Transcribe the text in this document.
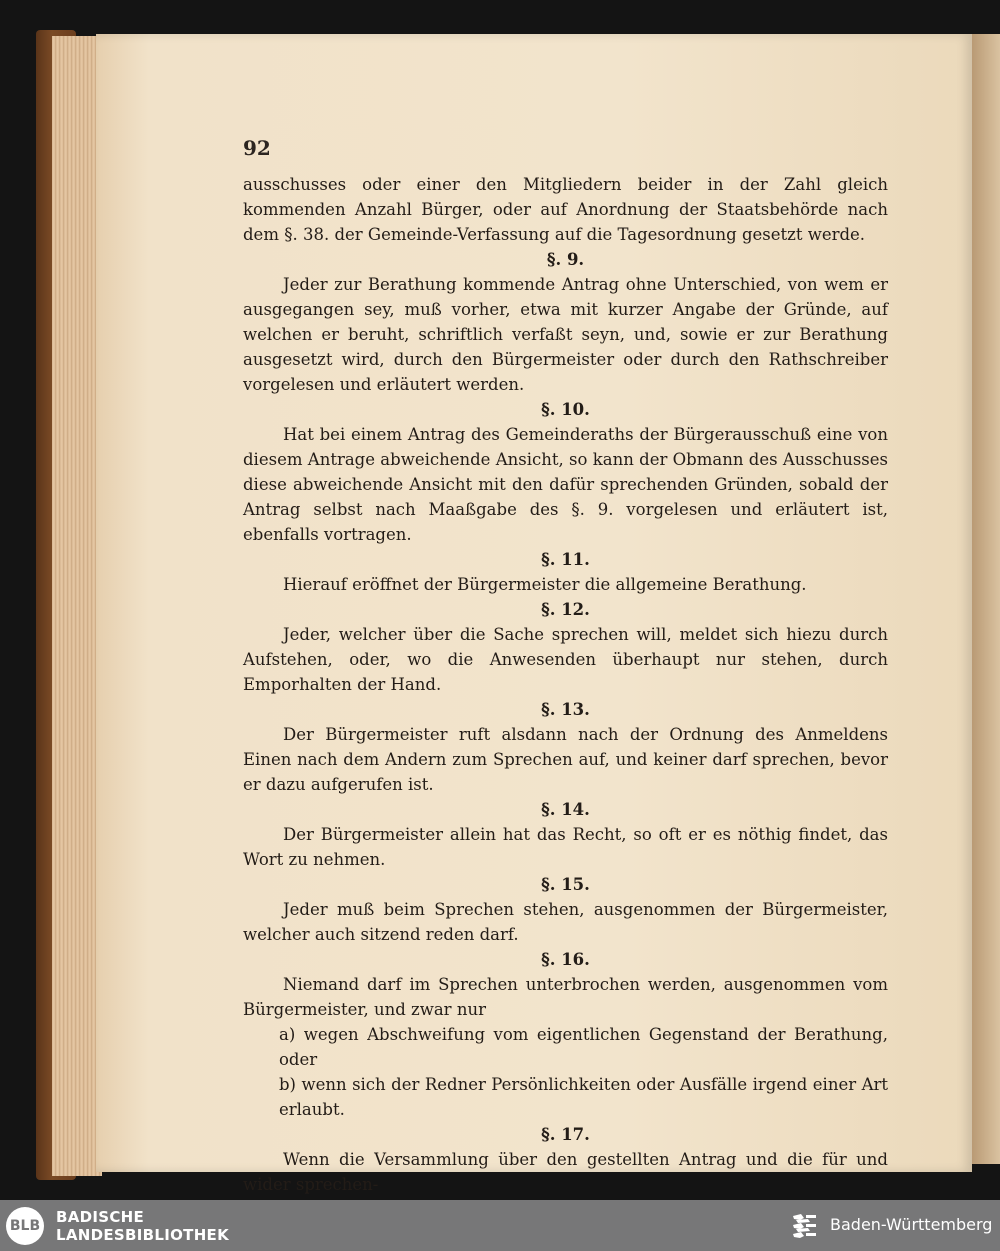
92

ausschusses oder einer den Mitgliedern beider in der Zahl gleich kommenden Anzahl Bürger, oder auf Anordnung der Staatsbehörde nach dem §. 38. der Gemeinde-Verfassung auf die Tagesordnung gesetzt werde.

§. 9.

Jeder zur Berathung kommende Antrag ohne Unterschied, von wem er ausgegangen sey, muß vorher, etwa mit kurzer Angabe der Gründe, auf welchen er beruht, schriftlich verfaßt seyn, und, sowie er zur Berathung ausgesetzt wird, durch den Bürgermeister oder durch den Rathschreiber vorgelesen und erläutert werden.

§. 10.

Hat bei einem Antrag des Gemeinderaths der Bürgerausschuß eine von diesem Antrage abweichende Ansicht, so kann der Obmann des Ausschusses diese abweichende Ansicht mit den dafür sprechenden Gründen, sobald der Antrag selbst nach Maaßgabe des §. 9. vorgelesen und erläutert ist, ebenfalls vortragen.

§. 11.

Hierauf eröffnet der Bürgermeister die allgemeine Berathung.

§. 12.

Jeder, welcher über die Sache sprechen will, meldet sich hiezu durch Aufstehen, oder, wo die Anwesenden überhaupt nur stehen, durch Emporhalten der Hand.

§. 13.

Der Bürgermeister ruft alsdann nach der Ordnung des Anmeldens Einen nach dem Andern zum Sprechen auf, und keiner darf sprechen, bevor er dazu aufgerufen ist.

§. 14.

Der Bürgermeister allein hat das Recht, so oft er es nöthig findet, das Wort zu nehmen.

§. 15.

Jeder muß beim Sprechen stehen, ausgenommen der Bürgermeister, welcher auch sitzend reden darf.

§. 16.

Niemand darf im Sprechen unterbrochen werden, ausgenommen vom Bürgermeister, und zwar nur

a) wegen Abschweifung vom eigentlichen Gegenstand der Berathung, oder

b) wenn sich der Redner Persönlichkeiten oder Ausfälle irgend einer Art erlaubt.

§. 17.

Wenn die Versammlung über den gestellten Antrag und die für und wider sprechen-

BLB BADISCHE
LANDESBIBLIOTHEK
Baden-Württemberg
